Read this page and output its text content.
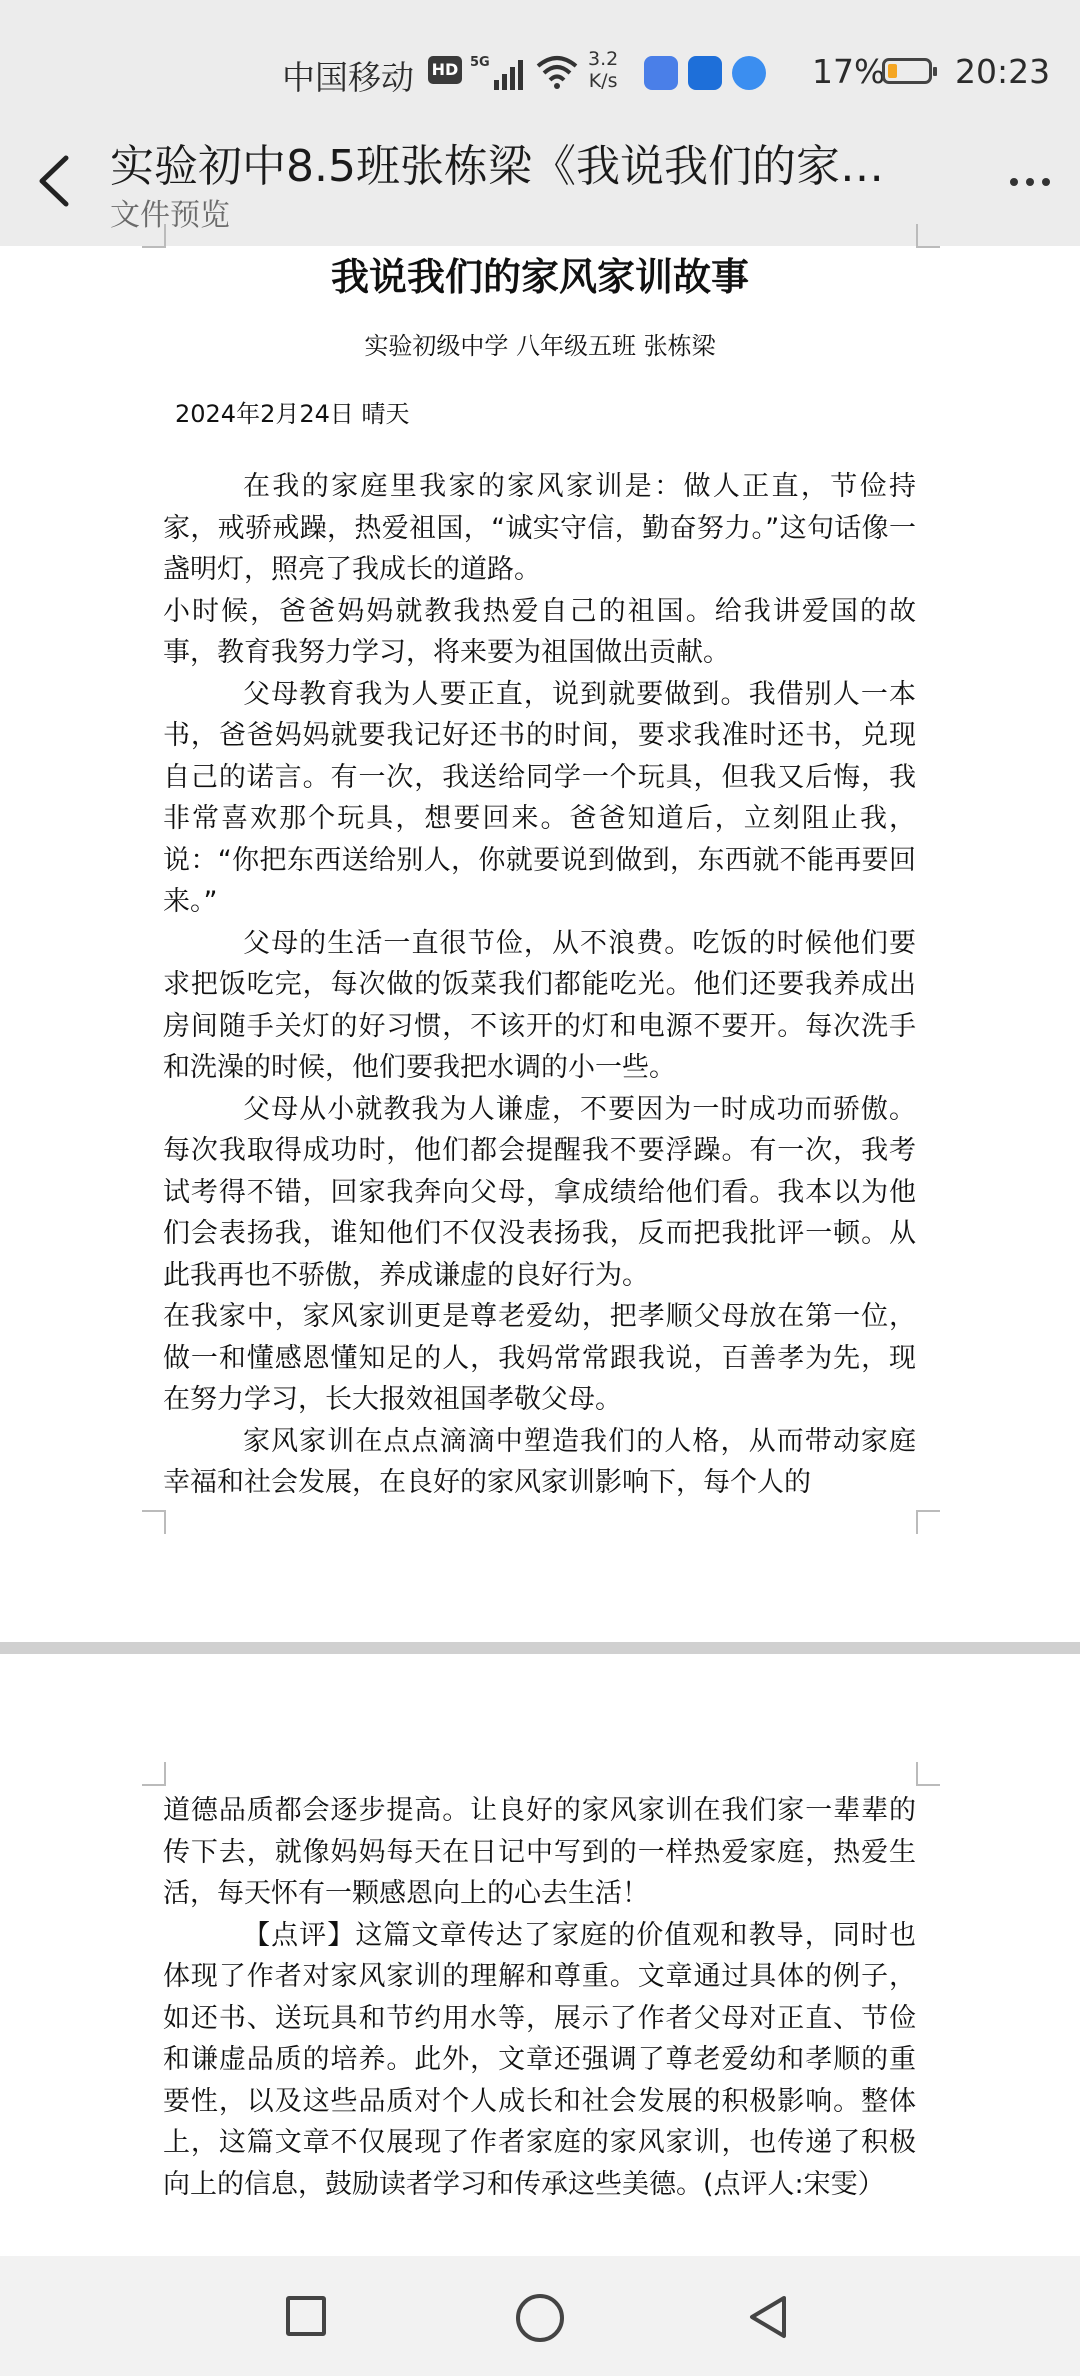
中国移动 HD 5G	3.2
K/s	17% 20:23
实验初中8.5班张栋梁《我说我们的家…
文件预览
我说我们的家风家训故事
实验初级中学 八年级五班 张栋梁
2024年2月24日 晴天

在我的家庭里我家的家风家训是：做人正直，节俭持家，戒骄戒躁，热爱祖国，“诚实守信，勤奋努力。”这句话像一盏明灯，照亮了我成长的道路。

小时候，爸爸妈妈就教我热爱自己的祖国。给我讲爱国的故事，教育我努力学习，将来要为祖国做出贡献。

父母教育我为人要正直，说到就要做到。我借别人一本书，爸爸妈妈就要我记好还书的时间，要求我准时还书，兑现自己的诺言。有一次，我送给同学一个玩具，但我又后悔，我非常喜欢那个玩具，想要回来。爸爸知道后，立刻阻止我，说：“你把东西送给别人，你就要说到做到，东西就不能再要回来。”

父母的生活一直很节俭，从不浪费。吃饭的时候他们要求把饭吃完，每次做的饭菜我们都能吃光。他们还要我养成出房间随手关灯的好习惯，不该开的灯和电源不要开。每次洗手和洗澡的时候，他们要我把水调的小一些。

父母从小就教我为人谦虚，不要因为一时成功而骄傲。每次我取得成功时，他们都会提醒我不要浮躁。有一次，我考试考得不错，回家我奔向父母，拿成绩给他们看。我本以为他们会表扬我，谁知他们不仅没表扬我，反而把我批评一顿。从此我再也不骄傲，养成谦虚的良好行为。

在我家中，家风家训更是尊老爱幼，把孝顺父母放在第一位，做一和懂感恩懂知足的人，我妈常常跟我说，百善孝为先，现在努力学习，长大报效祖国孝敬父母。

家风家训在点点滴滴中塑造我们的人格，从而带动家庭幸福和社会发展，在良好的家风家训影响下，每个人的

道德品质都会逐步提高。让良好的家风家训在我们家一辈辈的传下去，就像妈妈每天在日记中写到的一样热爱家庭，热爱生活，每天怀有一颗感恩向上的心去生活！

【点评】这篇文章传达了家庭的价值观和教导，同时也体现了作者对家风家训的理解和尊重。文章通过具体的例子，如还书、送玩具和节约用水等，展示了作者父母对正直、节俭和谦虚品质的培养。此外，文章还强调了尊老爱幼和孝顺的重要性，以及这些品质对个人成长和社会发展的积极影响。整体上，这篇文章不仅展现了作者家庭的家风家训，也传递了积极向上的信息，鼓励读者学习和传承这些美德。(点评人:宋雯）
